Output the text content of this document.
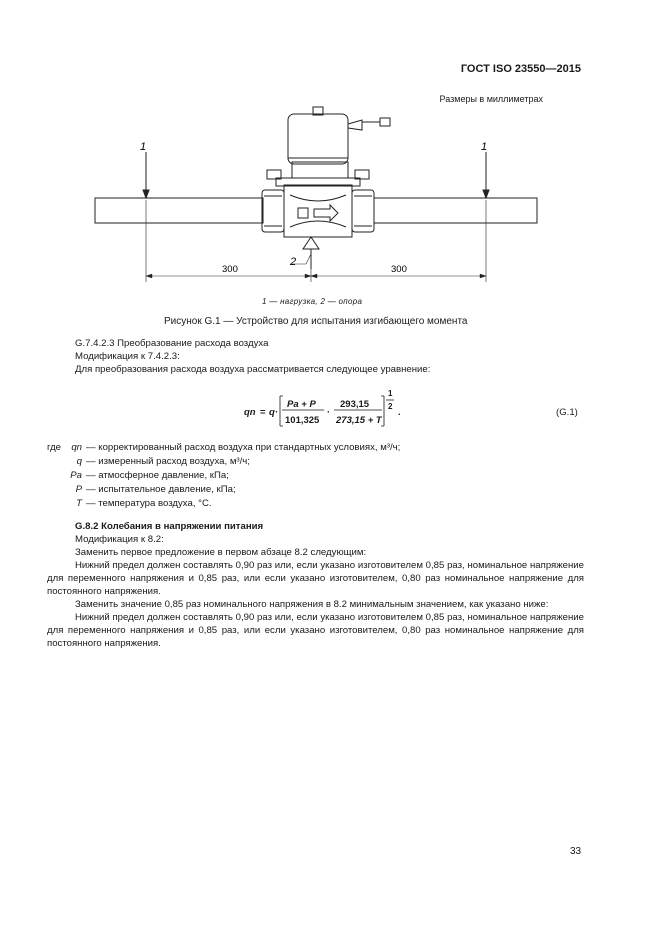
ГОСТ ISO 23550—2015
Размеры в миллиметрах
1	1
2
300	300
1 — нагрузка, 2 — опора
Рисунок G.1 — Устройство для испытания изгибающего момента
G.7.4.2.3 Преобразование расхода воздуха
Модификация к 7.4.2.3:
Для преобразования расхода воздуха рассматривается следующее уравнение:
qn = q·
Pa + P
101,325
·
293,15
273,15 + T
1
2
.	(G.1)
где	qn — корректированный расход воздуха при стандартных условиях, м³/ч;
q — измеренный расход воздуха, м³/ч;
Pa — атмосферное давление, кПа;
P — испытательное давление, кПа;
T — температура воздуха, °С.
G.8.2 Колебания в напряжении питания
Модификация к 8.2:
Заменить первое предложение в первом абзаце 8.2 следующим:
Нижний предел должен составлять 0,90 раз или, если указано изготовителем 0,85 раз, номинальное напряжение для переменного напряжения и 0,85 раз, или если указано изготовителем, 0,80 раз номинальное напряжение для постоянного напряжения.
Заменить значение 0,85 раз номинального напряжения в 8.2 минимальным значением, как указано ниже:
Нижний предел должен составлять 0,90 раз или, если указано изготовителем 0,85 раз, номинальное напряжение для переменного напряжения и 0,85 раз, или если указано изготовителем, 0,80 раз номинальное напряжение для постоянного напряжения.
33
